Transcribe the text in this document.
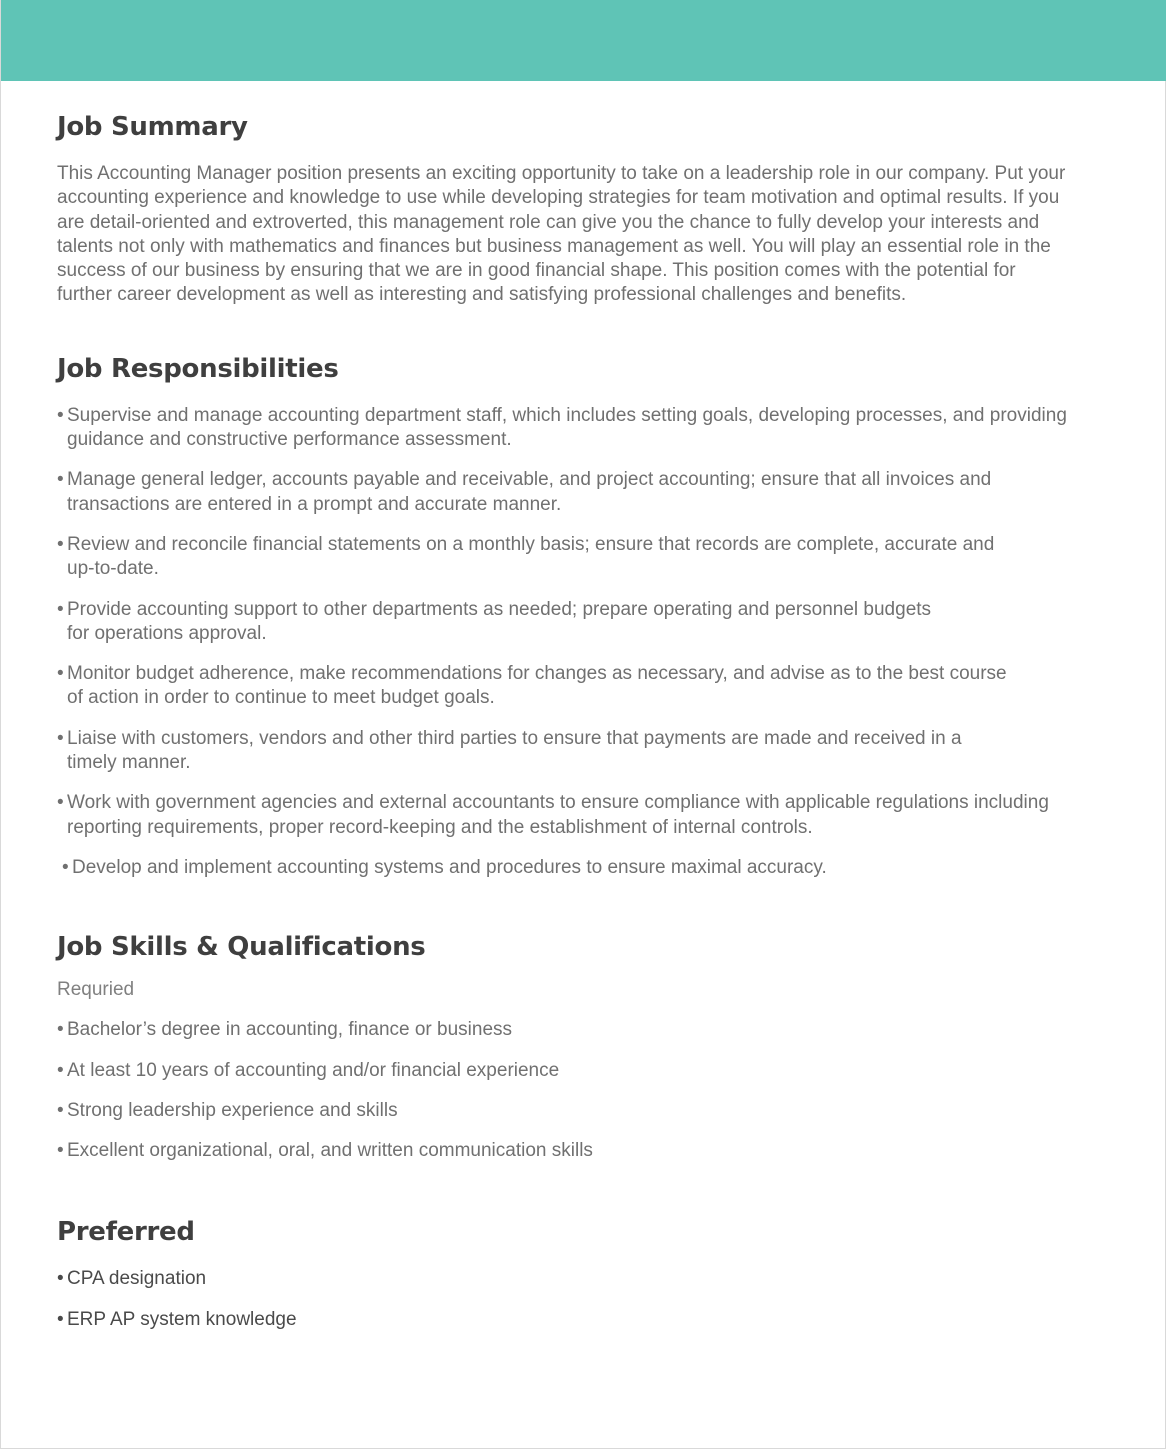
Job Summary

This Accounting Manager position presents an exciting opportunity to take on a leadership role in our company. Put your

accounting experience and knowledge to use while developing strategies for team motivation and optimal results. If you

are detail-oriented and extroverted, this management role can give you the chance to fully develop your interests and

talents not only with mathematics and finances but business management as well. You will play an essential role in the

success of our business by ensuring that we are in good financial shape. This position comes with the potential for

further career development as well as interesting and satisfying professional challenges and benefits.

Job Responsibilities
• Supervise and manage accounting department staff, which includes setting goals, developing processes, and providing
guidance and constructive performance assessment.
• Manage general ledger, accounts payable and receivable, and project accounting; ensure that all invoices and
transactions are entered in a prompt and accurate manner.
• Review and reconcile financial statements on a monthly basis; ensure that records are complete, accurate and
up-to-date.
• Provide accounting support to other departments as needed; prepare operating and personnel budgets
for operations approval.
• Monitor budget adherence, make recommendations for changes as necessary, and advise as to the best course
of action in order to continue to meet budget goals.
• Liaise with customers, vendors and other third parties to ensure that payments are made and received in a
timely manner.
• Work with government agencies and external accountants to ensure compliance with applicable regulations including
reporting requirements, proper record-keeping and the establishment of internal controls.
• Develop and implement accounting systems and procedures to ensure maximal accuracy.
Job Skills & Qualifications

Requried

• Bachelor’s degree in accounting, finance or business
• At least 10 years of accounting and/or financial experience
• Strong leadership experience and skills
• Excellent organizational, oral, and written communication skills
Preferred
• CPA designation
• ERP AP system knowledge
